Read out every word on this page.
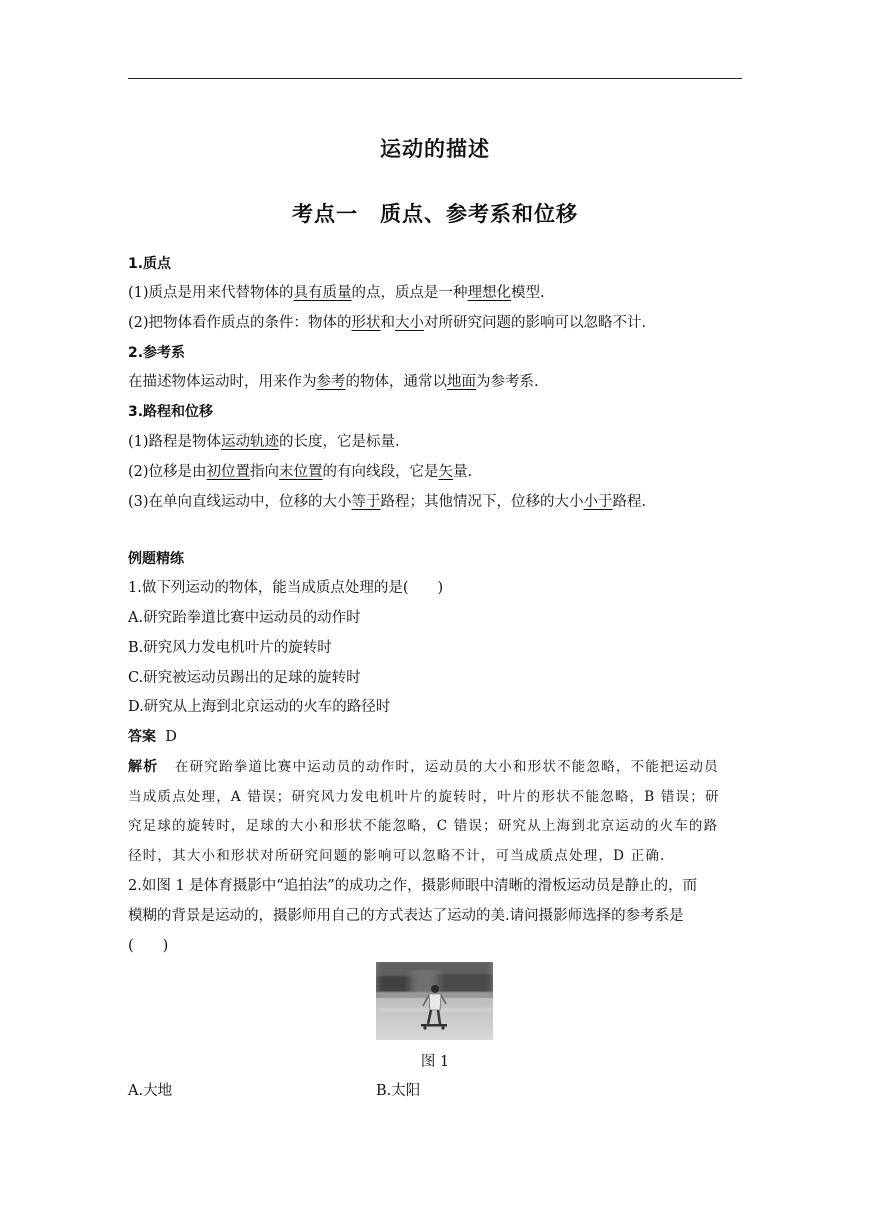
运动的描述
考点一　质点、参考系和位移
1.质点
(1)质点是用来代替物体的具有质量的点，质点是一种理想化模型.
(2)把物体看作质点的条件：物体的形状和大小对所研究问题的影响可以忽略不计.
2.参考系
在描述物体运动时，用来作为参考的物体，通常以地面为参考系.
3.路程和位移
(1)路程是物体运动轨迹的长度，它是标量.
(2)位移是由初位置指向末位置的有向线段，它是矢量.
(3)在单向直线运动中，位移的大小等于路程；其他情况下，位移的大小小于路程.
例题精练
1.做下列运动的物体，能当成质点处理的是(　　)
A.研究跆拳道比赛中运动员的动作时
B.研究风力发电机叶片的旋转时
C.研究被运动员踢出的足球的旋转时
D.研究从上海到北京运动的火车的路径时
答案 D
解析 在研究跆拳道比赛中运动员的动作时，运动员的大小和形状不能忽略，不能把运动员
当成质点处理，A 错误；研究风力发电机叶片的旋转时，叶片的形状不能忽略，B 错误；研
究足球的旋转时，足球的大小和形状不能忽略，C 错误；研究从上海到北京运动的火车的路
径时，其大小和形状对所研究问题的影响可以忽略不计，可当成质点处理，D 正确.
2.如图 1 是体育摄影中“追拍法”的成功之作，摄影师眼中清晰的滑板运动员是静止的，而
模糊的背景是运动的，摄影师用自己的方式表达了运动的美.请问摄影师选择的参考系是
(　　)
图 1
A.大地	B.太阳
